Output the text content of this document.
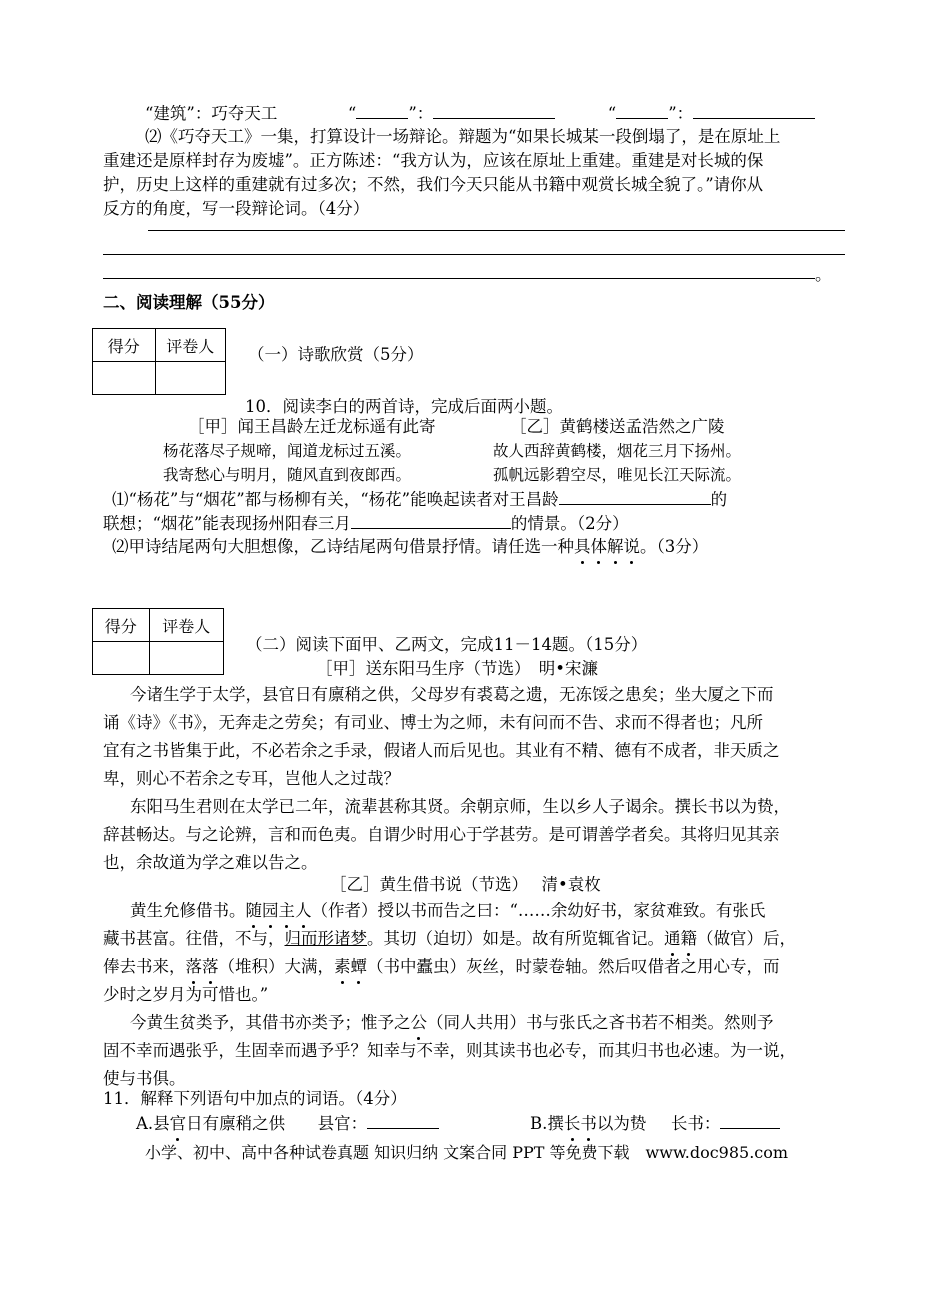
“建筑”：巧夺天工	“	”：	“	”：
⑵《巧夺天工》一集，打算设计一场辩论。辩题为“如果长城某一段倒塌了，是在原址上
重建还是原样封存为废墟”。正方陈述：“我方认为，应该在原址上重建。重建是对长城的保
护，历史上这样的重建就有过多次；不然，我们今天只能从书籍中观赏长城全貌了。”请你从
反方的角度，写一段辩论词。（4分）
。
二、阅读理解（55分）
得分	评卷人
	（一）诗歌欣赏（5分）
10．阅读李白的两首诗，完成后面两小题。
［甲］闻王昌龄左迁龙标遥有此寄	［乙］黄鹤楼送孟浩然之广陵
杨花落尽子规啼，闻道龙标过五溪。	故人西辞黄鹤楼，烟花三月下扬州。
我寄愁心与明月，随风直到夜郎西。	孤帆远影碧空尽，唯见长江天际流。
⑴“杨花”与“烟花”都与杨柳有关，“杨花”能唤起读者对王昌龄	的
联想；“烟花”能表现扬州阳春三月	的情景。（2分）
⑵甲诗结尾两句大胆想像，乙诗结尾两句借景抒情。请任选一种具体解说。（3分）
得分	评卷人

（二）阅读下面甲、乙两文，完成11－14题。（15分）
［甲］送东阳马生序（节选）　明•宋濂
今诸生学于太学，县官日有廪稍之供，父母岁有裘葛之遗，无冻馁之患矣；坐大厦之下而
诵《诗》《书》，无奔走之劳矣；有司业、博士为之师，未有问而不告、求而不得者也；凡所
宜有之书皆集于此，不必若余之手录，假诸人而后见也。其业有不精、德有不成者，非天质之
卑，则心不若余之专耳，岂他人之过哉？
东阳马生君则在太学已二年，流辈甚称其贤。余朝京师，生以乡人子谒余。撰长书以为贽，
辞甚畅达。与之论辨，言和而色夷。自谓少时用心于学甚劳。是可谓善学者矣。其将归见其亲
也，余故道为学之难以告之。
［乙］黄生借书说（节选）　 清•袁枚
黄生允修借书。随园主人（作者）授以书而告之曰：“……余幼好书，家贫难致。有张氏
藏书甚富。往借，不与，归而形诸梦。其切（迫切）如是。故有所览辄省记。通籍（做官）后，
俸去书来，落落（堆积）大满，素蟫（书中蠹虫）灰丝，时蒙卷轴。然后叹借者之用心专，而
少时之岁月为可惜也。”
今黄生贫类予，其借书亦类予；惟予之公（同人共用）书与张氏之吝书若不相类。然则予
固不幸而遇张乎，生固幸而遇予乎？知幸与不幸，则其读书也必专，而其归书也必速。为一说，
使与书俱。
11．解释下列语句中加点的词语。（4分）
A.县官日有廪稍之供 县官：	B.撰长书以为贽 长书：
小学、初中、高中各种试卷真题 知识归纳 文案合同 PPT 等免费下载　www.doc985.com
